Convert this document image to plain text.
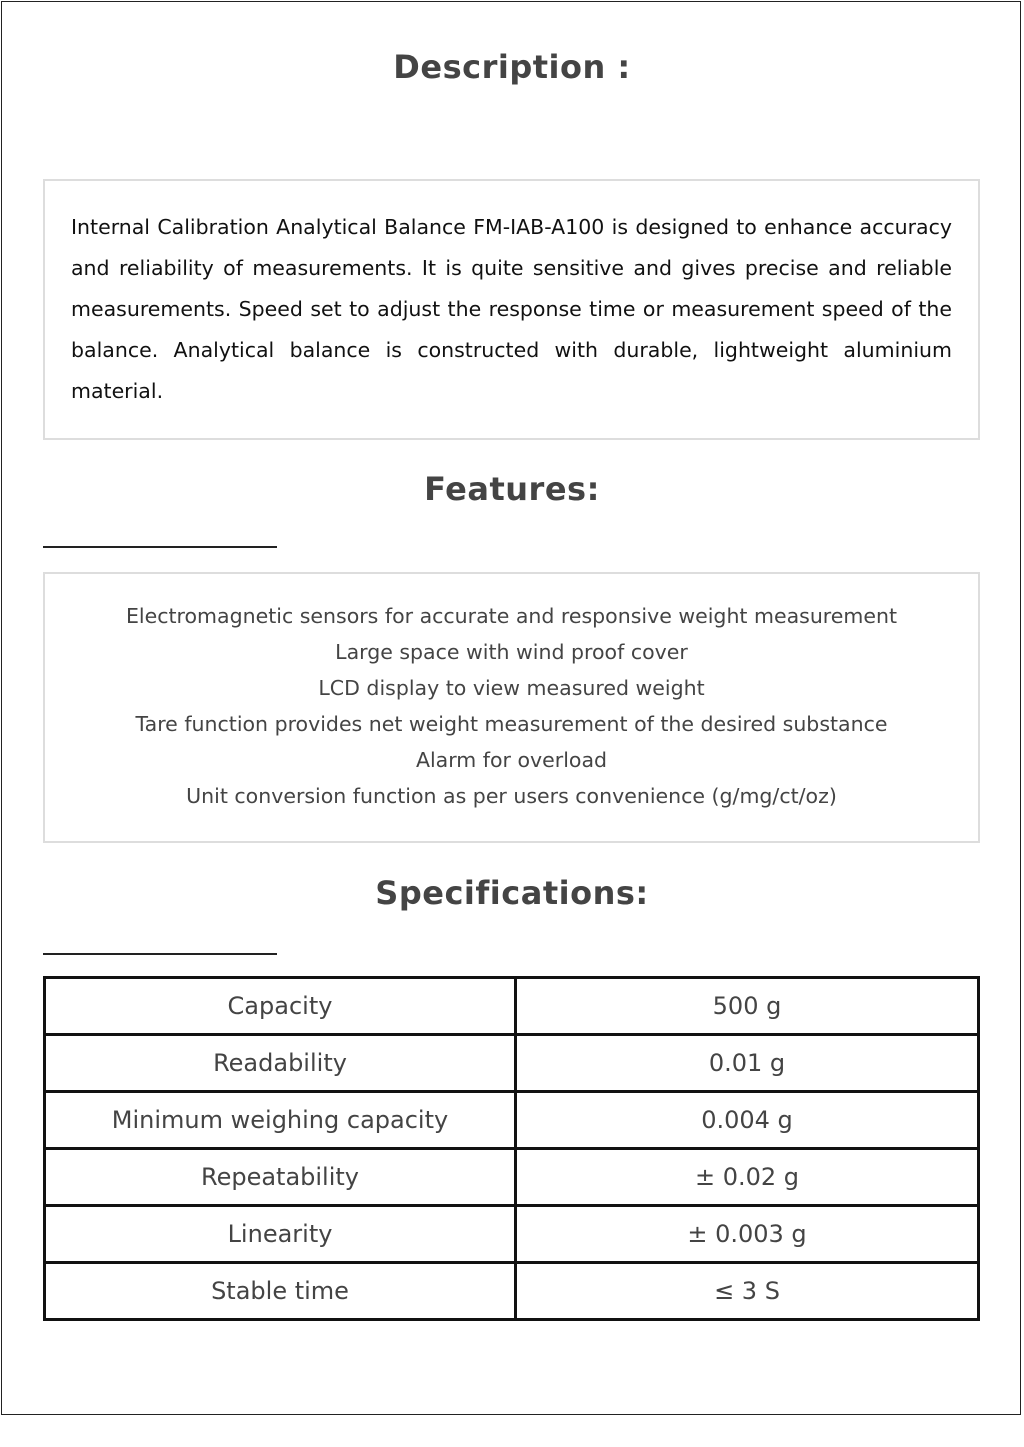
Description :

Internal Calibration Analytical Balance FM-IAB-A100 is designed to enhance accuracy and reliability of measurements. It is quite sensitive and gives precise and reliable measurements. Speed set to adjust the response time or measurement speed of the balance. Analytical balance is constructed with durable, lightweight aluminium material.

Features:
Electromagnetic sensors for accurate and responsive weight measurement
Large space with wind proof cover
LCD display to view measured weight
Tare function provides net weight measurement of the desired substance
Alarm for overload
Unit conversion function as per users convenience (g/mg/ct/oz)
Specifications:
Capacity	500 g
Readability	0.01 g
Minimum weighing capacity	0.004 g
Repeatability	± 0.02 g
Linearity	± 0.003 g
Stable time	≤ 3 S
